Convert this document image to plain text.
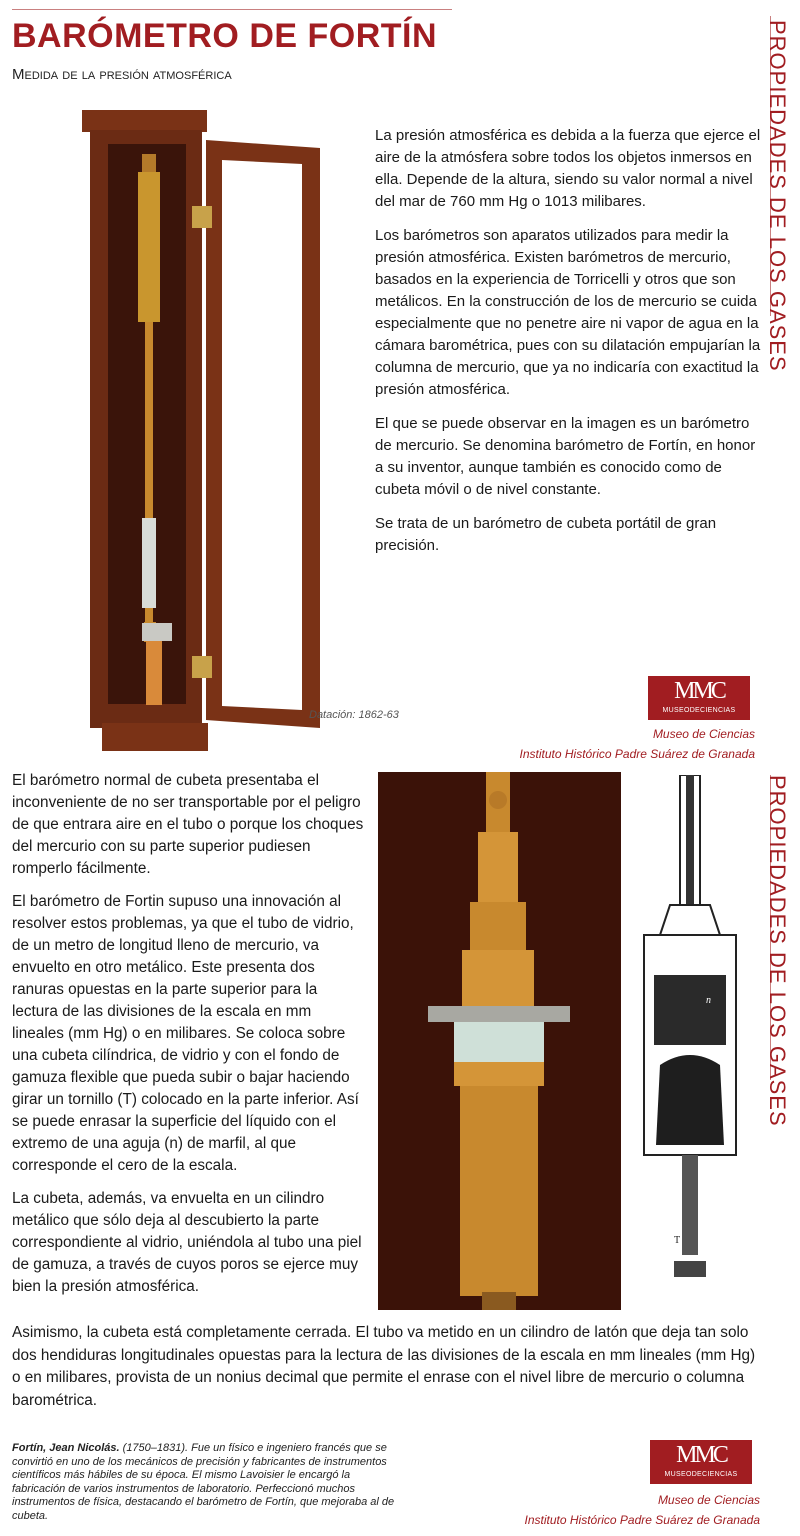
BARÓMETRO DE FORTÍN

Medida de la presión atmosférica	PROPIEDADES DE LOS GASES
PROPIEDADES DE LOS GASES

Datación: 1862-63

La presión atmosférica es debida a la fuerza que ejerce el aire de la atmósfera sobre todos los objetos inmersos en ella. Depende de la altura, siendo su valor normal a nivel del mar de 760 mm Hg o 1013 milibares.

Los barómetros son aparatos utilizados para medir la presión atmosférica. Existen barómetros de mercurio, basados en la experiencia de Torricelli y otros que son metálicos. En la construcción de los de mercurio se cuida especialmente que no penetre aire ni vapor de agua en la cámara barométrica, pues con su dilatación empujarían la columna de mercurio, que ya no indicaría con exactitud la presión atmosférica.

El que se puede observar en la imagen es un barómetro de mercurio. Se denomina barómetro de Fortín, en honor a su inventor, aunque también es conocido como de cubeta móvil o de nivel constante.

Se trata de un barómetro de cubeta portátil de gran precisión.

MMC
MUSEODECIENCIAS
Museo de Ciencias
Instituto Histórico Padre Suárez de Granada

El barómetro normal de cubeta presentaba el inconveniente de no ser transportable por el peligro de que entrara aire en el tubo o porque los choques del mercurio con su parte superior pudiesen romperlo fácilmente.

El barómetro de Fortin supuso una innovación al resolver estos problemas, ya que el tubo de vidrio, de un metro de longitud lleno de mercurio, va envuelto en otro metálico. Este presenta dos ranuras opuestas en la parte superior para la lectura de las divisiones de la escala en mm lineales (mm Hg) o en milibares. Se coloca sobre una cubeta cilíndrica, de vidrio y con el fondo de gamuza flexible que pueda subir o bajar haciendo girar un tornillo (T) colocado en la parte inferior. Así se puede enrasar la superficie del líquido con el extremo de una aguja (n) de marfil, al que corresponde el cero de la escala.

La cubeta, además, va envuelta en un cilindro metálico que sólo deja al descubierto la parte correspondiente al vidrio, uniéndola al tubo una piel de gamuza, a través de cuyos poros se ejerce muy bien la presión atmosférica.

n
T

Asimismo, la cubeta está completamente cerrada. El tubo va metido en un cilindro de latón que deja tan solo dos hendiduras longitudinales opuestas para la lectura de las divisiones de la escala en mm lineales (mm Hg) o en milibares, provista de un nonius decimal que permite el enrase con el nivel libre de mercurio o columna barométrica.

Fortín, Jean Nicolás. (1750–1831). Fue un físico e ingeniero francés que se convirtió en uno de los mecánicos de precisión y fabricantes de instrumentos científicos más hábiles de su época. El mismo Lavoisier le encargó la fabricación de varios instrumentos de laboratorio. Perfeccionó muchos instrumentos de física, destacando el barómetro de Fortín, que mejoraba al de cubeta.

MMC
MUSEODECIENCIAS
Museo de Ciencias
Instituto Histórico Padre Suárez de Granada
